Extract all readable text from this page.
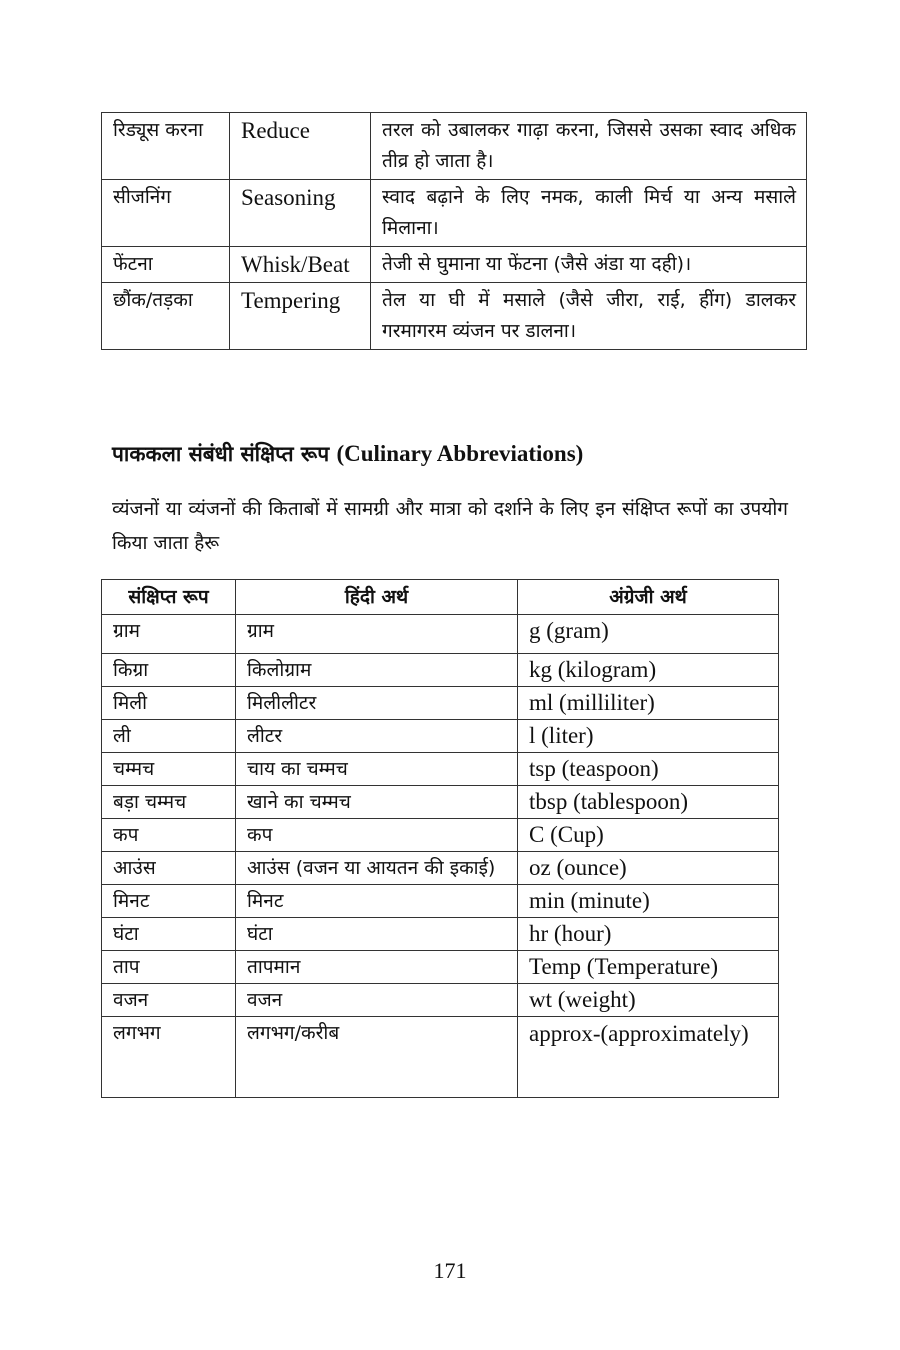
रिड्यूस करना	Reduce	तरल को उबालकर गाढ़ा करना, जिससे उसका स्वाद अधिक तीव्र हो जाता है।
सीजनिंग	Seasoning	स्वाद बढ़ाने के लिए नमक, काली मिर्च या अन्य मसाले मिलाना।
फेंटना	Whisk/Beat	तेजी से घुमाना या फेंटना (जैसे अंडा या दही)।
छौंक/तड़का	Tempering	तेल या घी में मसाले (जैसे जीरा, राई, हींग) डालकर गरमागरम व्यंजन पर डालना।
पाककला संबंधी संक्षिप्त रूप (Culinary Abbreviations)

व्यंजनों या व्यंजनों की किताबों में सामग्री और मात्रा को दर्शाने के लिए इन संक्षिप्त रूपों का उपयोग किया जाता हैरू

संक्षिप्त रूप	हिंदी अर्थ	अंग्रेजी अर्थ
ग्राम	ग्राम	g (gram)
किग्रा	किलोग्राम	kg (kilogram)
मिली	मिलीलीटर	ml (milliliter)
ली	लीटर	l (liter)
चम्मच	चाय का चम्मच	tsp (teaspoon)
बड़ा चम्मच	खाने का चम्मच	tbsp (tablespoon)
कप	कप	C (Cup)
आउंस	आउंस (वजन या आयतन की इकाई)	oz (ounce)
मिनट	मिनट	min (minute)
घंटा	घंटा	hr (hour)
ताप	तापमान	Temp (Temperature)
वजन	वजन	wt (weight)
लगभग	लगभग/करीब	approx-(approximately)
171
